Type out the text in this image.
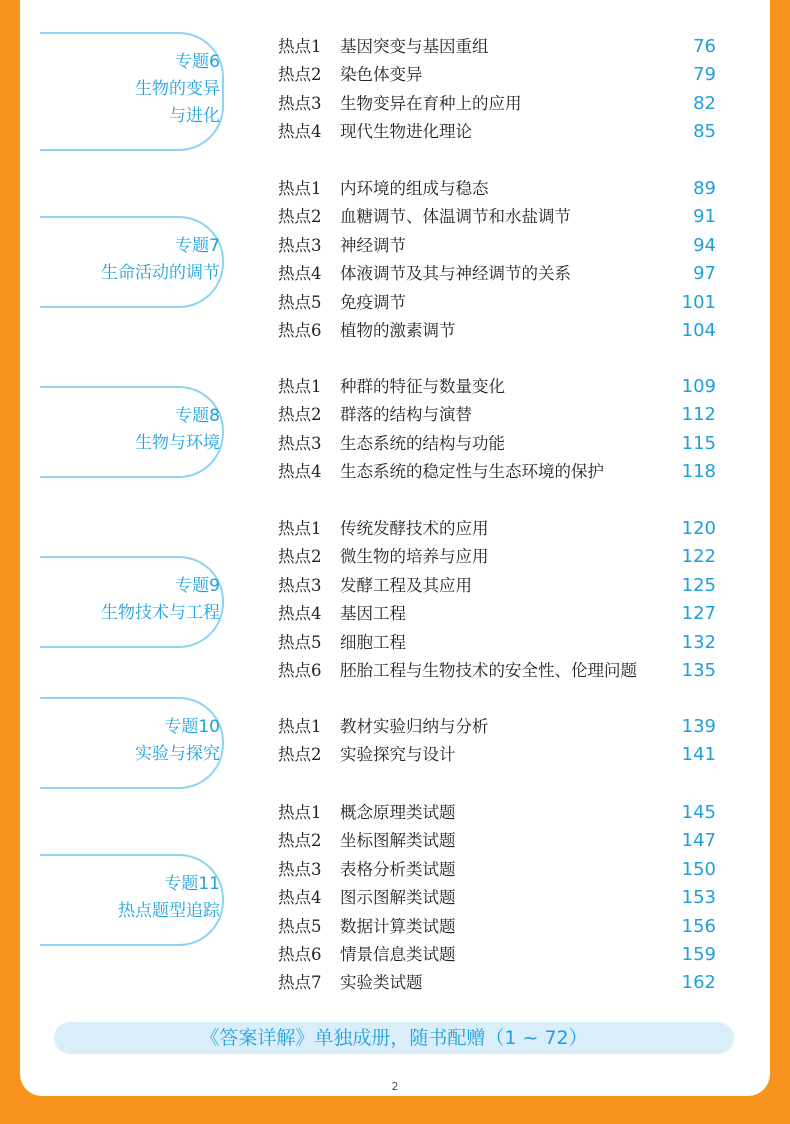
专题6
生物的变异
与进化
热点1 基因突变与基因重组	76
热点2 染色体变异	79
热点3 生物变异在育种上的应用	82
热点4 现代生物进化理论	85
专题7
生命活动的调节
热点1 内环境的组成与稳态	89
热点2 血糖调节、体温调节和水盐调节	91
热点3 神经调节	94
热点4 体液调节及其与神经调节的关系	97
热点5 免疫调节	101
热点6 植物的激素调节	104
专题8
生物与环境
热点1 种群的特征与数量变化	109
热点2 群落的结构与演替	112
热点3 生态系统的结构与功能	115
热点4 生态系统的稳定性与生态环境的保护	118
专题9
生物技术与工程
热点1 传统发酵技术的应用	120
热点2 微生物的培养与应用	122
热点3 发酵工程及其应用	125
热点4 基因工程	127
热点5 细胞工程	132
热点6 胚胎工程与生物技术的安全性、伦理问题 135
专题10
实验与探究
热点1 教材实验归纳与分析	139
热点2 实验探究与设计	141
专题11
热点题型追踪
热点1 概念原理类试题	145
热点2 坐标图解类试题	147
热点3 表格分析类试题	150
热点4 图示图解类试题	153
热点5 数据计算类试题	156
热点6 情景信息类试题	159
热点7 实验类试题	162
《答案详解》单独成册，随书配赠（1 ~ 72）
2
